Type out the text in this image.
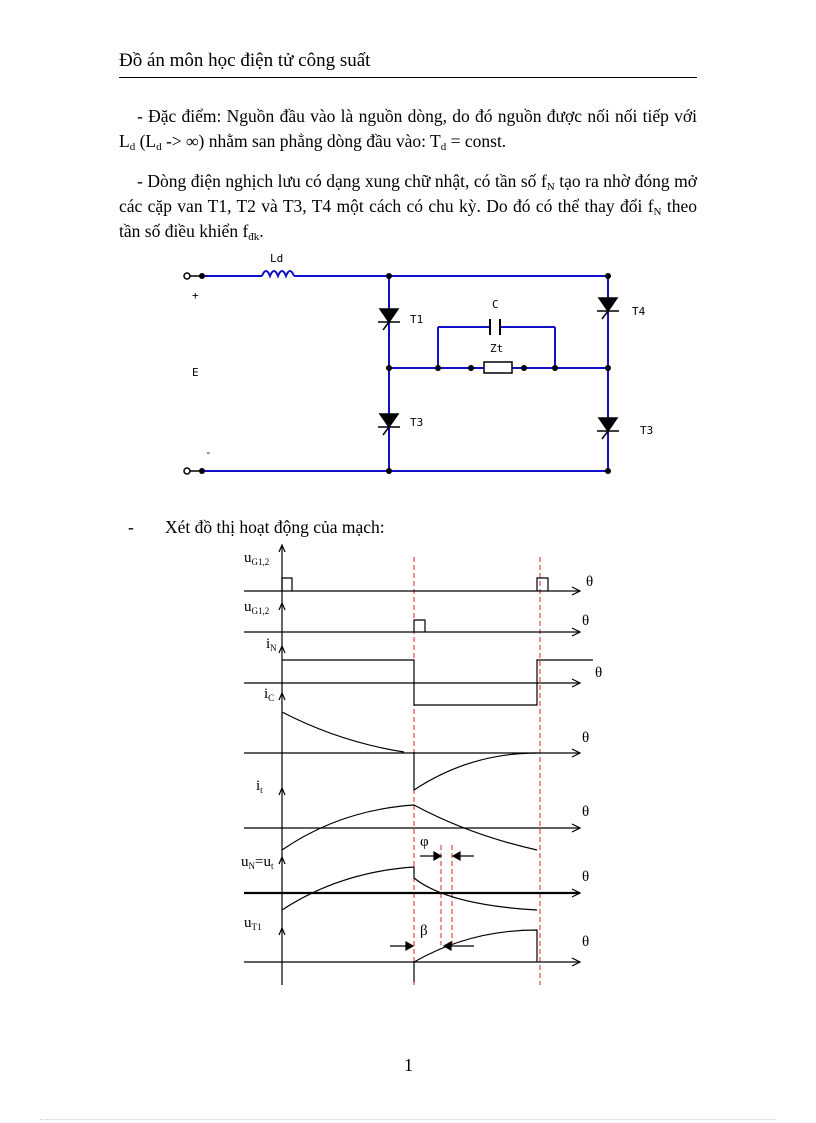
Đồ án môn học điện tử công suất
- Đặc điểm: Nguồn đầu vào là nguồn dòng, do đó nguồn được nối nối tiếp với $L_d$ ($L_d$ -> ∞) nhằm san phẳng dòng đầu vào: $T_d$ = const.
- Dòng điện nghịch lưu có dạng xung chữ nhật, có tần số $f_N$ tạo ra nhờ đóng mở các cặp van T1, T2 và T3, T4 một cách có chu kỳ. Do đó có thể thay đổi $f_N$ theo tần số điều khiển $f_{đk}$.
Ld
+
E
-
T1
T3
T4
T3
C
Zt
- Xét đồ thị hoạt động của mạch:
θ
θ
θ
θ
θ
θ
θ
$u_{G1,2}$
$u_{G1,2}$
$i_N$
$i_C$
$i_t$
$u_N=u_t$
$u_{T1}$
φ
β
1
